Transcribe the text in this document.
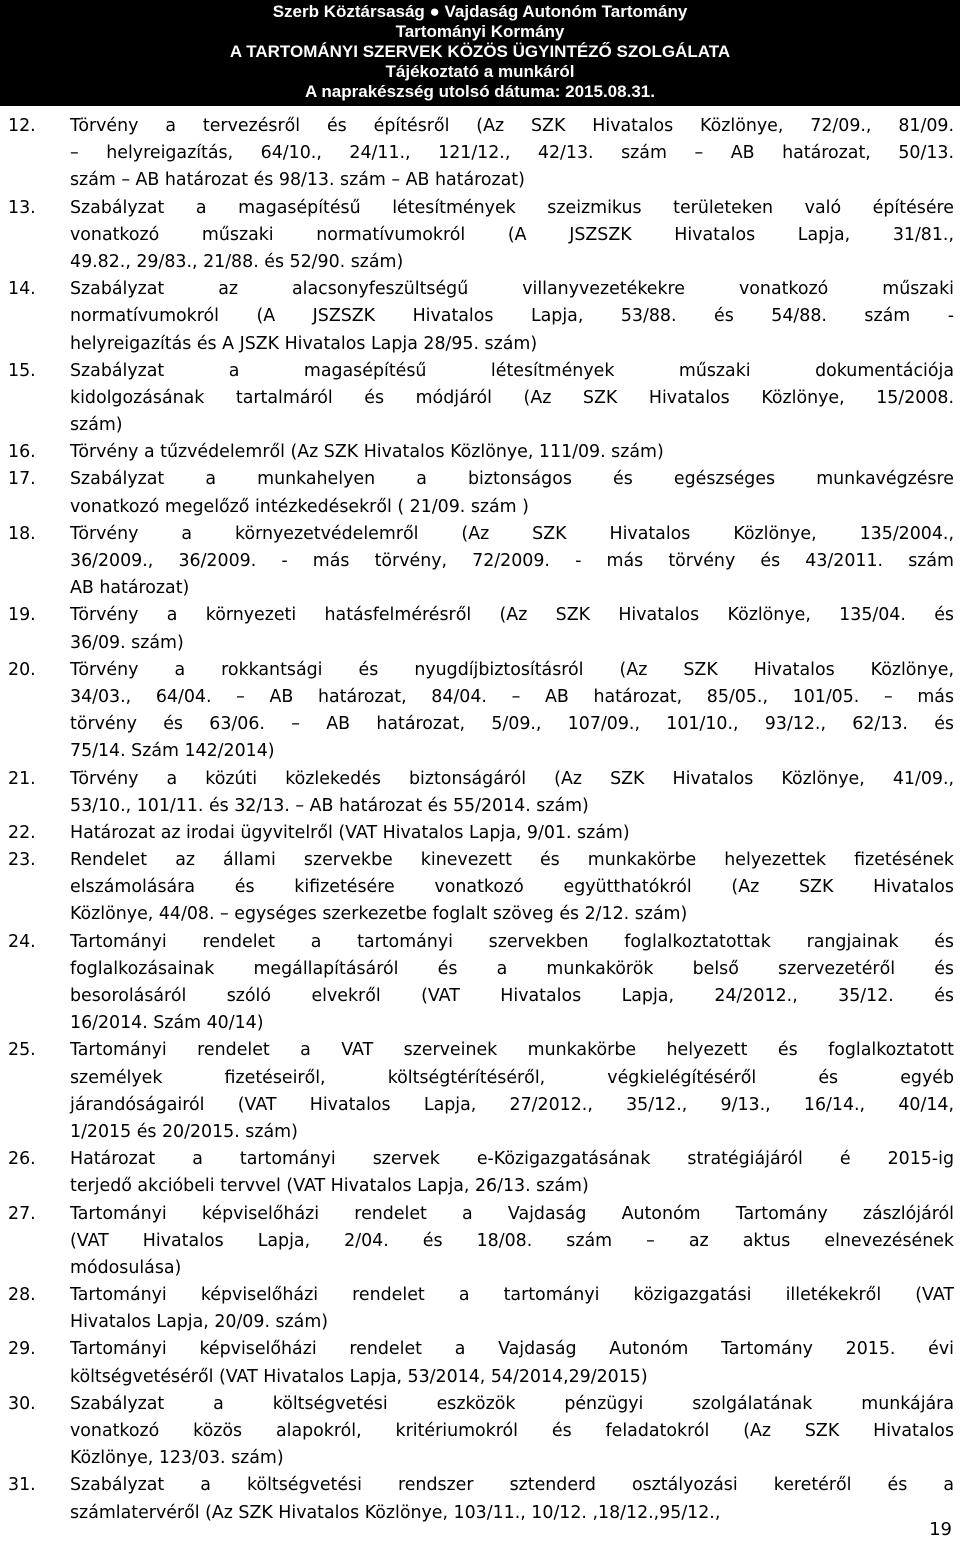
Szerb Köztársaság ● Vajdaság Autonóm Tartomány
Tartományi Kormány
A TARTOMÁNYI SZERVEK KÖZÖS ÜGYINTÉZŐ SZOLGÁLATA
Tájékoztató a munkáról
A naprakészség utolsó dátuma: 2015.08.31.
12.	Törvény a tervezésről és építésről (Az SZK Hivatalos Közlönye, 72/09., 81/09.
– helyreigazítás, 64/10., 24/11., 121/12., 42/13. szám – AB határozat, 50/13.
szám – AB határozat és 98/13. szám – AB határozat)
13.	Szabályzat a magasépítésű létesítmények szeizmikus területeken való építésére
vonatkozó műszaki normatívumokról (A JSZSZK Hivatalos Lapja, 31/81.,
49.82., 29/83., 21/88. és 52/90. szám)
14.	Szabályzat az alacsonyfeszültségű villanyvezetékekre vonatkozó műszaki
normatívumokról (A JSZSZK Hivatalos Lapja, 53/88. és 54/88. szám -
helyreigazítás és A JSZK Hivatalos Lapja 28/95. szám)
15.	Szabályzat a magasépítésű létesítmények műszaki dokumentációja
kidolgozásának tartalmáról és módjáról (Az SZK Hivatalos Közlönye, 15/2008.
szám)
16.	Törvény a tűzvédelemről (Az SZK Hivatalos Közlönye, 111/09. szám)
17.	Szabályzat a munkahelyen a biztonságos és egészséges munkavégzésre
vonatkozó megelőző intézkedésekről ( 21/09. szám )
18.	Törvény a környezetvédelemről (Az SZK Hivatalos Közlönye, 135/2004.,
36/2009., 36/2009. - más törvény, 72/2009. - más törvény és 43/2011. szám
AB határozat)
19.	Törvény a környezeti hatásfelmérésről (Az SZK Hivatalos Közlönye, 135/04. és
36/09. szám)
20.	Törvény a rokkantsági és nyugdíjbiztosításról (Az SZK Hivatalos Közlönye,
34/03., 64/04. – AB határozat, 84/04. – AB határozat, 85/05., 101/05. – más
törvény és 63/06. – AB határozat, 5/09., 107/09., 101/10., 93/12., 62/13. és
75/14. Szám 142/2014)
21.	Törvény a közúti közlekedés biztonságáról (Az SZK Hivatalos Közlönye, 41/09.,
53/10., 101/11. és 32/13. – AB határozat és 55/2014. szám)
22.	Határozat az irodai ügyvitelről (VAT Hivatalos Lapja, 9/01. szám)
23.	Rendelet az állami szervekbe kinevezett és munkakörbe helyezettek fizetésének
elszámolására és kifizetésére vonatkozó együtthatókról (Az SZK Hivatalos
Közlönye, 44/08. – egységes szerkezetbe foglalt szöveg és 2/12. szám)
24.	Tartományi rendelet a tartományi szervekben foglalkoztatottak rangjainak és
foglalkozásainak megállapításáról és a munkakörök belső szervezetéről és
besorolásáról szóló elvekről (VAT Hivatalos Lapja, 24/2012., 35/12. és
16/2014. Szám 40/14)
25.	Tartományi rendelet a VAT szerveinek munkakörbe helyezett és foglalkoztatott
személyek fizetéseiről, költségtérítéséről, végkielégítéséről és egyéb
járandóságairól (VAT Hivatalos Lapja, 27/2012., 35/12., 9/13., 16/14., 40/14,
1/2015 és 20/2015. szám)
26.	Határozat a tartományi szervek e-Közigazgatásának stratégiájáról é 2015-ig
terjedő akcióbeli tervvel (VAT Hivatalos Lapja, 26/13. szám)
27.	Tartományi képviselőházi rendelet a Vajdaság Autonóm Tartomány zászlójáról
(VAT Hivatalos Lapja, 2/04. és 18/08. szám – az aktus elnevezésének
módosulása)
28.	Tartományi képviselőházi rendelet a tartományi közigazgatási illetékekről (VAT
Hivatalos Lapja, 20/09. szám)
29.	Tartományi képviselőházi rendelet a Vajdaság Autonóm Tartomány 2015. évi
költségvetéséről (VAT Hivatalos Lapja, 53/2014, 54/2014,29/2015)
30.	Szabályzat a költségvetési eszközök pénzügyi szolgálatának munkájára
vonatkozó közös alapokról, kritériumokról és feladatokról (Az SZK Hivatalos
Közlönye, 123/03. szám)
31.	Szabályzat a költségvetési rendszer sztenderd osztályozási keretéről és a
számlatervéről (Az SZK Hivatalos Közlönye, 103/11., 10/12. ,18/12.,95/12.,
19
